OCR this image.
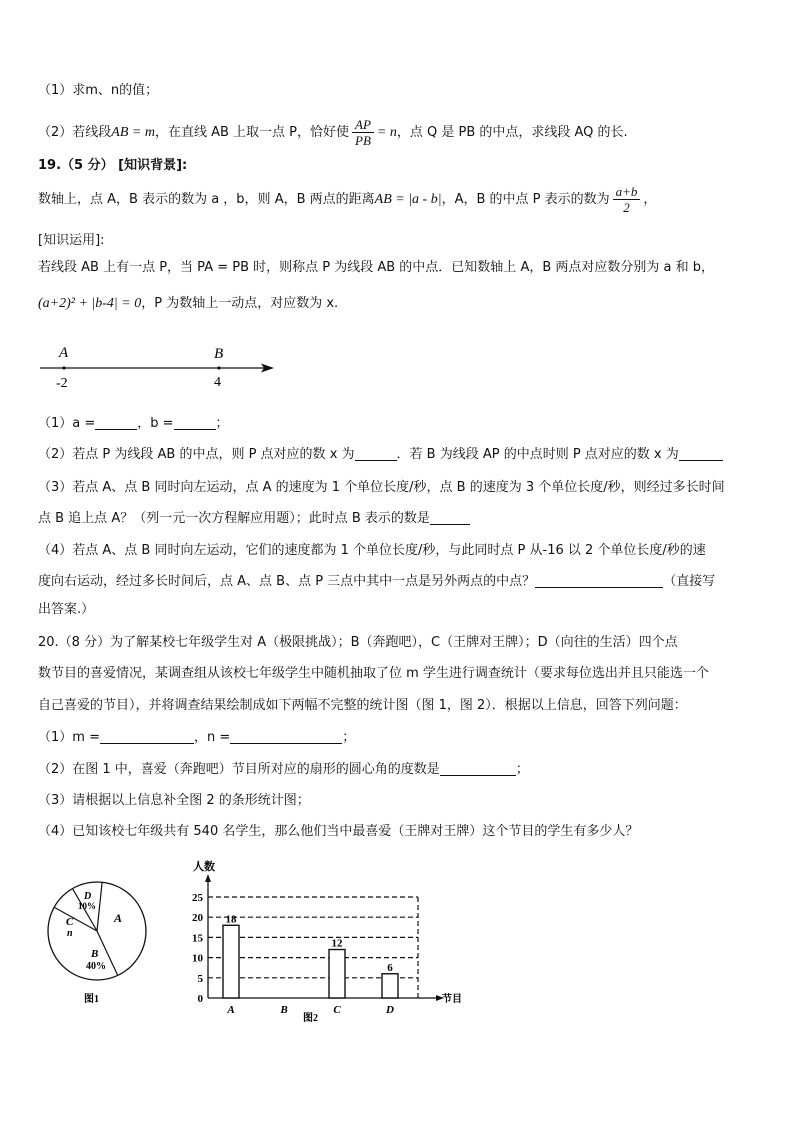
（1）求m、n的值；
（2）若线段AB = m，在直线 AB 上取一点 P，恰好使 $\frac{AP}{PB} = n$，点 Q 是 PB 的中点，求线段 AQ 的长.
19.（5 分） [知识背景]:
数轴上，点 A，B 表示的数为 a ，b，则 A，B 两点的距离AB = |a - b|，A，B 的中点 P 表示的数为 $\frac{a+b}{2}$ ，
[知识运用]:
若线段 AB 上有一点 P，当 PA = PB 时，则称点 P 为线段 AB 的中点．已知数轴上 A，B 两点对应数分别为 a 和 b，
(a+2)² + |b-4| = 0，P 为数轴上一动点，对应数为 x.
A	B
-2	4
（1）a =	，b =	；
（2）若点 P 为线段 AB 的中点，则 P 点对应的数 x 为	．若 B 为线段 AP 的中点时则 P 点对应的数 x 为
（3）若点 A、点 B 同时向左运动，点 A 的速度为 1 个单位长度/秒，点 B 的速度为 3 个单位长度/秒，则经过多长时间
点 B 追上点 A？（列一元一次方程解应用题）；此时点 B 表示的数是
（4）若点 A、点 B 同时向左运动，它们的速度都为 1 个单位长度/秒，与此同时点 P 从-16 以 2 个单位长度/秒的速
度向右运动，经过多长时间后，点 A、点 B、点 P 三点中其中一点是另外两点的中点？	（直接写
出答案.）
20.（8 分）为了解某校七年级学生对 A（极限挑战）；B（奔跑吧），C（王牌对王牌）；D（向往的生活）四个点
数节目的喜爱情况，某调查组从该校七年级学生中随机抽取了位 m 学生进行调查统计（要求每位选出并且只能选一个
自己喜爱的节目），并将调查结果绘制成如下两幅不完整的统计图（图 1，图 2）．根据以上信息，回答下列问题：
（1）m =	，n =	；
（2）在图 1 中，喜爱（奔跑吧）节目所对应的扇形的圆心角的度数是	；
（3）请根据以上信息补全图 2 的条形统计图；
（4）已知该校七年级共有 540 名学生，那么他们当中最喜爱（王牌对王牌）这个节目的学生有多少人？
B
40%
A
C
n
D
10%
图1
18
12
6
0
5
10
15
20
25
A	B	C	D
人数
节目
图2
